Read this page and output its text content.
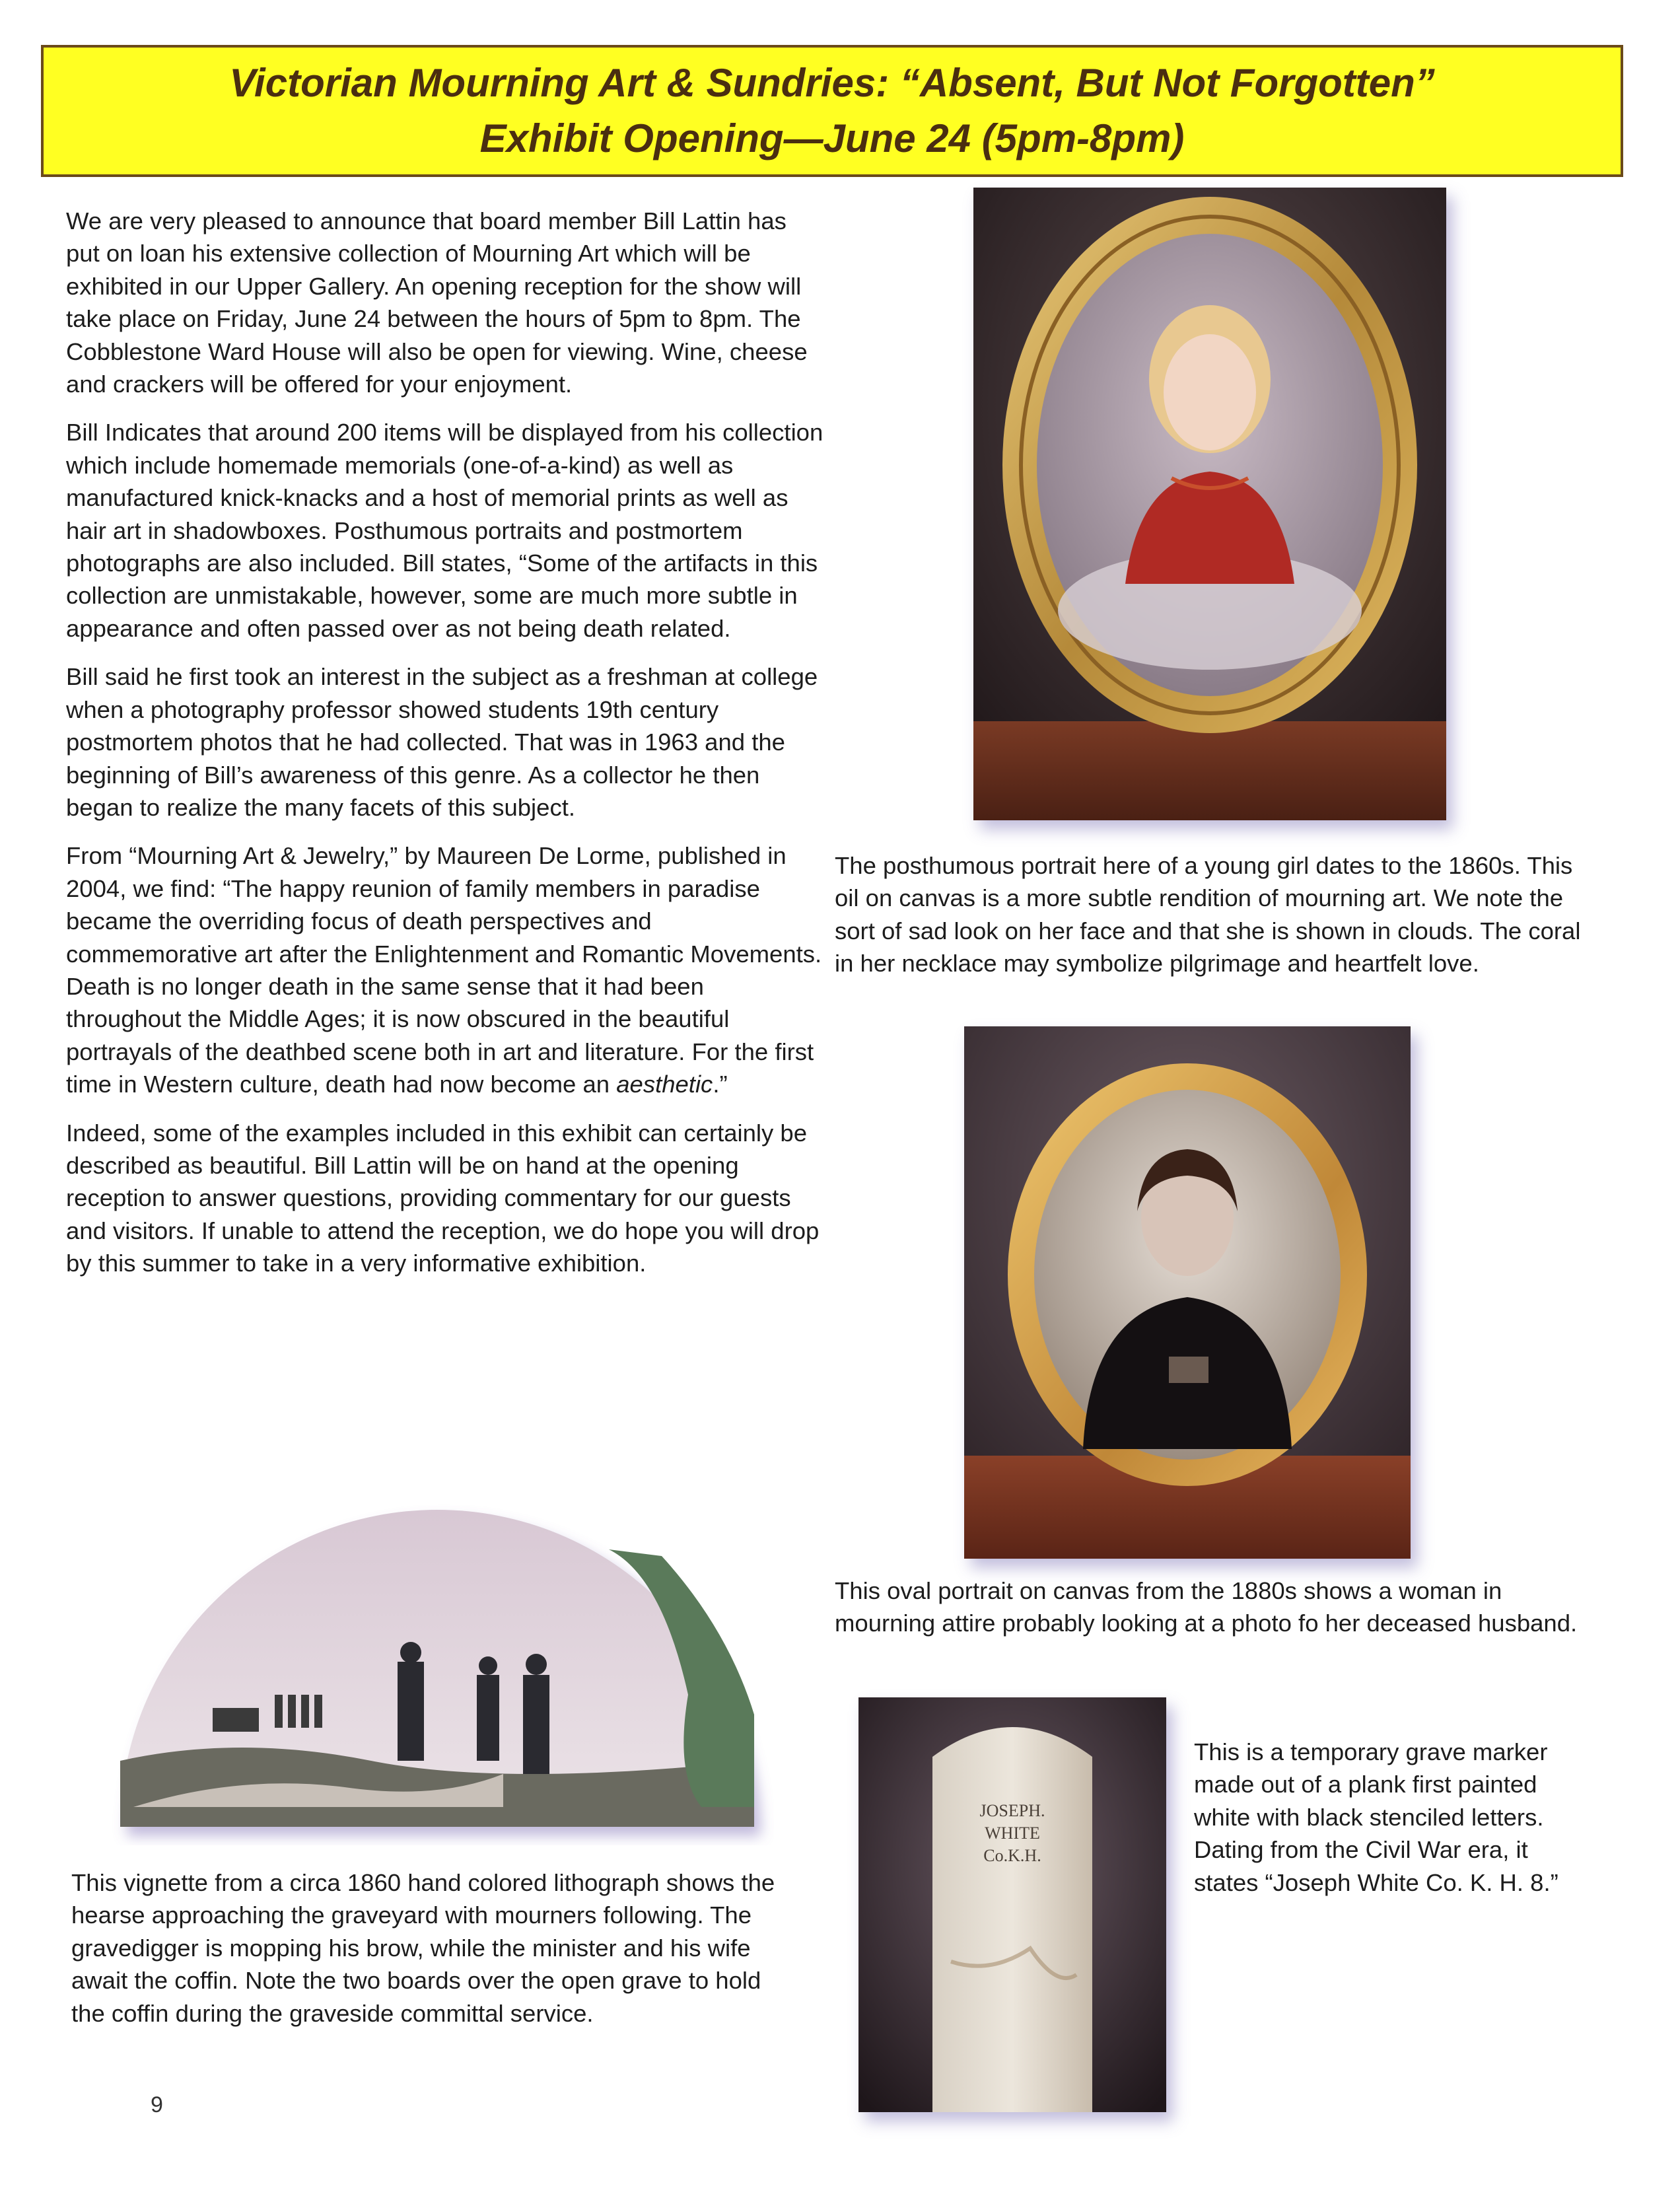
Victorian Mourning Art & Sundries: “Absent, But Not Forgotten”
Exhibit Opening—June 24 (5pm-8pm)

We are very pleased to announce that board member Bill Lattin has put on loan his extensive collection of Mourning Art which will be exhibited in our Upper Gallery. An opening reception for the show will take place on Friday, June 24 between the hours of 5pm to 8pm. The Cobblestone Ward House will also be open for viewing. Wine, cheese and crackers will be offered for your enjoyment.

Bill Indicates that around 200 items will be displayed from his collection which include homemade memorials (one-of-a-kind) as well as manufactured knick-knacks and a host of memorial prints as well as hair art in shadowboxes. Posthumous portraits and postmortem photographs are also included. Bill states, “Some of the artifacts in this collection are unmistakable, however, some are much more subtle in appearance and often passed over as not being death related.

Bill said he first took an interest in the subject as a freshman at college when a photography professor showed students 19th century postmortem photos that he had collected. That was in 1963 and the beginning of Bill’s awareness of this genre. As a collector he then began to realize the many facets of this subject.

From “Mourning Art & Jewelry,” by Maureen De Lorme, published in 2004, we find: “The happy reunion of family members in paradise became the overriding focus of death perspectives and commemorative art after the Enlightenment and Romantic Movements. Death is no longer death in the same sense that it had been throughout the Middle Ages; it is now obscured in the beautiful portrayals of the deathbed scene both in art and literature. For the first time in Western culture, death had now become an aesthetic.”

Indeed, some of the examples included in this exhibit can certainly be described as beautiful. Bill Lattin will be on hand at the opening reception to answer questions, providing commentary for our guests and visitors. If unable to attend the reception, we do hope you will drop by this summer to take in a very informative exhibition.

The posthumous portrait here of a young girl dates to the 1860s. This oil on canvas is a more subtle rendition of mourning art. We note the sort of sad look on her face and that she is shown in clouds. The coral in her necklace may symbolize pilgrimage and heartfelt love.
This oval portrait on canvas from the 1880s shows a woman in mourning attire probably looking at a photo fo her deceased husband.
This vignette from a circa 1860 hand colored lithograph shows the hearse approaching the graveyard with mourners following. The gravedigger is mopping his brow, while the minister and his wife await the coffin. Note the two boards over the open grave to hold the coffin during the graveside committal service.
JOSEPH.
WHITE
Co.K.H.
This is a temporary grave marker made out of a plank first painted white with black stenciled letters. Dating from the Civil War era, it states “Joseph White Co. K. H. 8.”
9
